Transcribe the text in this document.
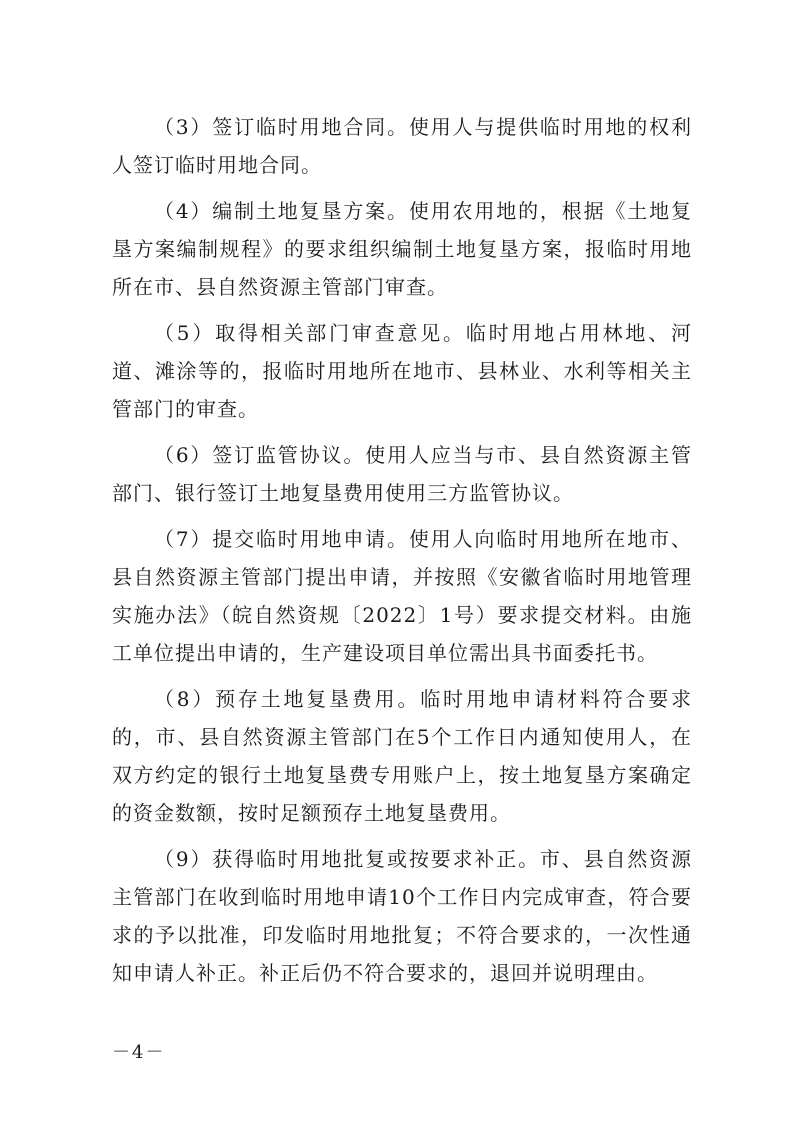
（3）签订临时用地合同。使用人与提供临时用地的权利人签订临时用地合同。

（4）编制土地复垦方案。使用农用地的，根据《土地复垦方案编制规程》的要求组织编制土地复垦方案，报临时用地所在市、县自然资源主管部门审查。

（5）取得相关部门审查意见。临时用地占用林地、河道、滩涂等的，报临时用地所在地市、县林业、水利等相关主管部门的审查。

（6）签订监管协议。使用人应当与市、县自然资源主管部门、银行签订土地复垦费用使用三方监管协议。

（7）提交临时用地申请。使用人向临时用地所在地市、县自然资源主管部门提出申请，并按照《安徽省临时用地管理实施办法》（皖自然资规〔2022〕1号）要求提交材料。由施工单位提出申请的，生产建设项目单位需出具书面委托书。

（8）预存土地复垦费用。临时用地申请材料符合要求的，市、县自然资源主管部门在5个工作日内通知使用人，在双方约定的银行土地复垦费专用账户上，按土地复垦方案确定的资金数额，按时足额预存土地复垦费用。

（9）获得临时用地批复或按要求补正。市、县自然资源主管部门在收到临时用地申请10个工作日内完成审查，符合要求的予以批准，印发临时用地批复；不符合要求的，一次性通知申请人补正。补正后仍不符合要求的，退回并说明理由。

－4－
